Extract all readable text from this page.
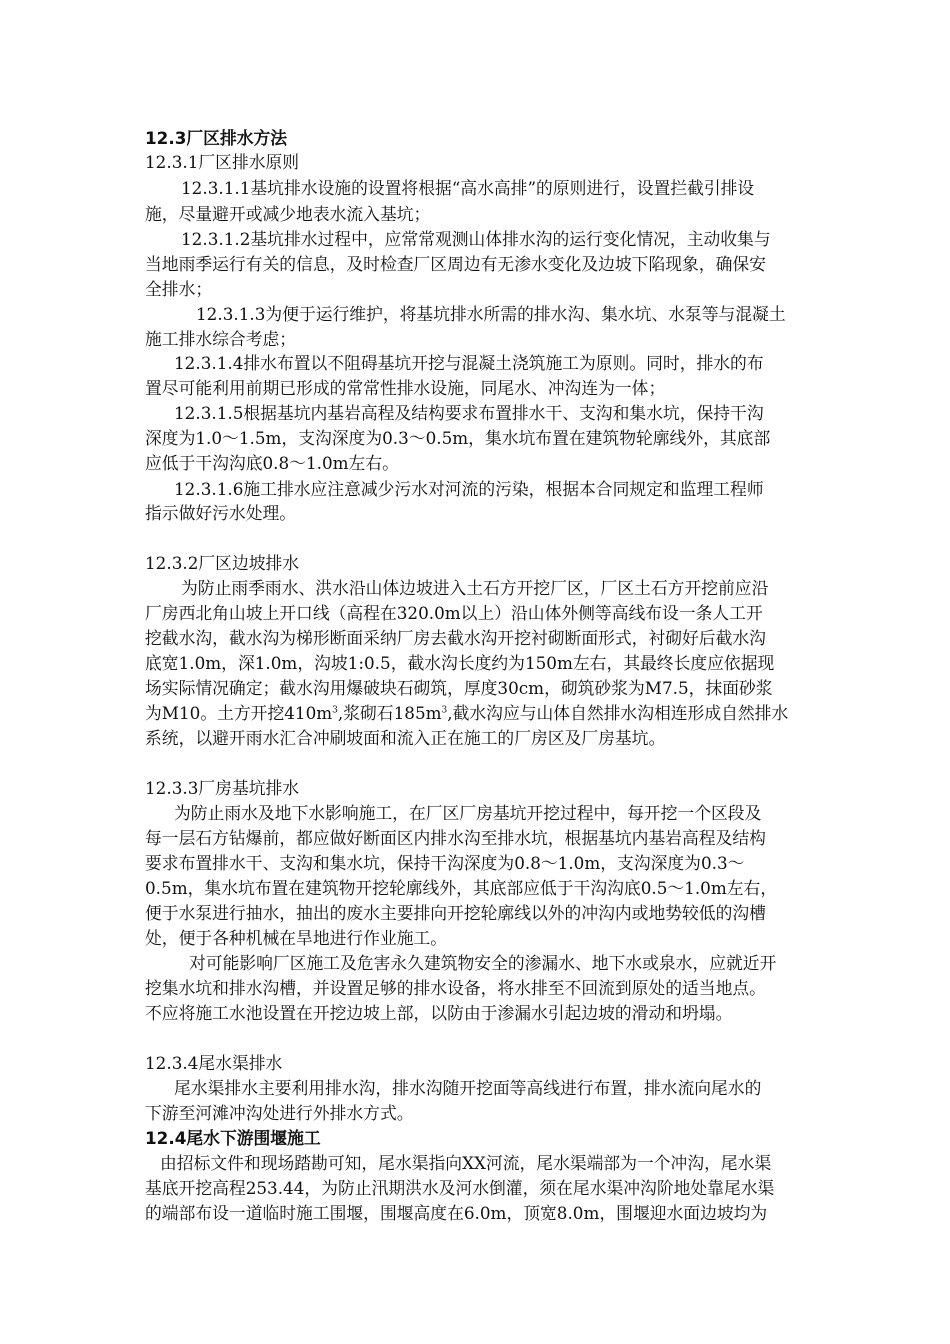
12.3厂区排水方法
12.3.1厂区排水原则
12.3.1.1基坑排水设施的设置将根据“高水高排”的原则进行，设置拦截引排设
施，尽量避开或减少地表水流入基坑；
12.3.1.2基坑排水过程中，应常常观测山体排水沟的运行变化情况，主动收集与
当地雨季运行有关的信息，及时检查厂区周边有无渗水变化及边坡下陷现象，确保安
全排水；
12.3.1.3为便于运行维护，将基坑排水所需的排水沟、集水坑、水泵等与混凝土
施工排水综合考虑；
12.3.1.4排水布置以不阻碍基坑开挖与混凝土浇筑施工为原则。同时，排水的布
置尽可能利用前期已形成的常常性排水设施，同尾水、冲沟连为一体；
12.3.1.5根据基坑内基岩高程及结构要求布置排水干、支沟和集水坑，保持干沟
深度为1.0～1.5m，支沟深度为0.3～0.5m，集水坑布置在建筑物轮廓线外，其底部
应低于干沟沟底0.8～1.0m左右。
12.3.1.6施工排水应注意减少污水对河流的污染，根据本合同规定和监理工程师
指示做好污水处理。
12.3.2厂区边坡排水
为防止雨季雨水、洪水沿山体边坡进入土石方开挖厂区，厂区土石方开挖前应沿
厂房西北角山坡上开口线（高程在320.0m以上）沿山体外侧等高线布设一条人工开
挖截水沟，截水沟为梯形断面采纳厂房去截水沟开挖衬砌断面形式，衬砌好后截水沟
底宽1.0m，深1.0m，沟坡1:0.5，截水沟长度约为150m左右，其最终长度应依据现
场实际情况确定；截水沟用爆破块石砌筑，厚度30cm，砌筑砂浆为M7.5，抹面砂浆
为M10。土方开挖$410m^3$,浆砌石$185m^3$,截水沟应与山体自然排水沟相连形成自然排水
系统，以避开雨水汇合冲刷坡面和流入正在施工的厂房区及厂房基坑。
12.3.3厂房基坑排水
为防止雨水及地下水影响施工，在厂区厂房基坑开挖过程中，每开挖一个区段及
每一层石方钻爆前，都应做好断面区内排水沟至排水坑，根据基坑内基岩高程及结构
要求布置排水干、支沟和集水坑，保持干沟深度为0.8～1.0m，支沟深度为0.3～
0.5m，集水坑布置在建筑物开挖轮廓线外，其底部应低于干沟沟底0.5～1.0m左右，
便于水泵进行抽水，抽出的废水主要排向开挖轮廓线以外的冲沟内或地势较低的沟槽
处，便于各种机械在旱地进行作业施工。
对可能影响厂区施工及危害永久建筑物安全的渗漏水、地下水或泉水，应就近开
挖集水坑和排水沟槽，并设置足够的排水设备，将水排至不回流到原处的适当地点。
不应将施工水池设置在开挖边坡上部，以防由于渗漏水引起边坡的滑动和坍塌。
12.3.4尾水渠排水
尾水渠排水主要利用排水沟，排水沟随开挖面等高线进行布置，排水流向尾水的
下游至河滩冲沟处进行外排水方式。
12.4尾水下游围堰施工
由招标文件和现场踏勘可知，尾水渠指向XX河流，尾水渠端部为一个冲沟，尾水渠
基底开挖高程253.44，为防止汛期洪水及河水倒灌，须在尾水渠冲沟阶地处靠尾水渠
的端部布设一道临时施工围堰，围堰高度在6.0m，顶宽8.0m，围堰迎水面边坡均为
